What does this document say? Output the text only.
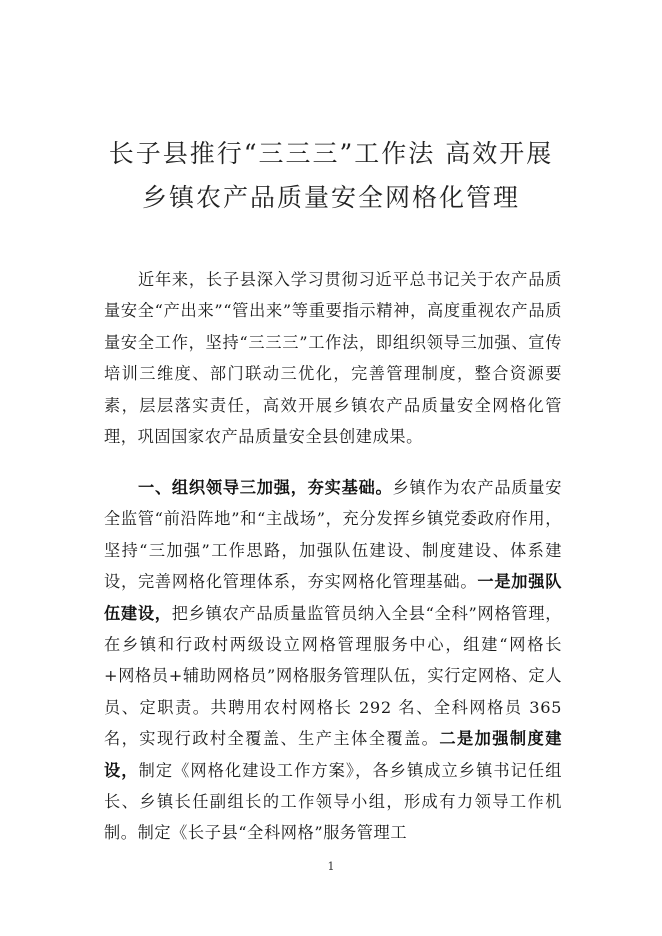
长子县推行“三三三”工作法 高效开展
乡镇农产品质量安全网格化管理
近年来，长子县深入学习贯彻习近平总书记关于农产品质量安全“产出来”“管出来”等重要指示精神，高度重视农产品质量安全工作，坚持“三三三”工作法，即组织领导三加强、宣传培训三维度、部门联动三优化，完善管理制度，整合资源要素，层层落实责任，高效开展乡镇农产品质量安全网格化管理，巩固国家农产品质量安全县创建成果。
一、组织领导三加强，夯实基础。乡镇作为农产品质量安全监管“前沿阵地”和“主战场”，充分发挥乡镇党委政府作用，坚持“三加强”工作思路，加强队伍建设、制度建设、体系建设，完善网格化管理体系，夯实网格化管理基础。一是加强队伍建设，把乡镇农产品质量监管员纳入全县“全科”网格管理，在乡镇和行政村两级设立网格管理服务中心，组建“网格长+网格员+辅助网格员”网格服务管理队伍，实行定网格、定人员、定职责。共聘用农村网格长 292 名、全科网格员 365 名，实现行政村全覆盖、生产主体全覆盖。二是加强制度建设，制定《网格化建设工作方案》，各乡镇成立乡镇书记任组长、乡镇长任副组长的工作领导小组，形成有力领导工作机制。制定《长子县“全科网格”服务管理工
1
